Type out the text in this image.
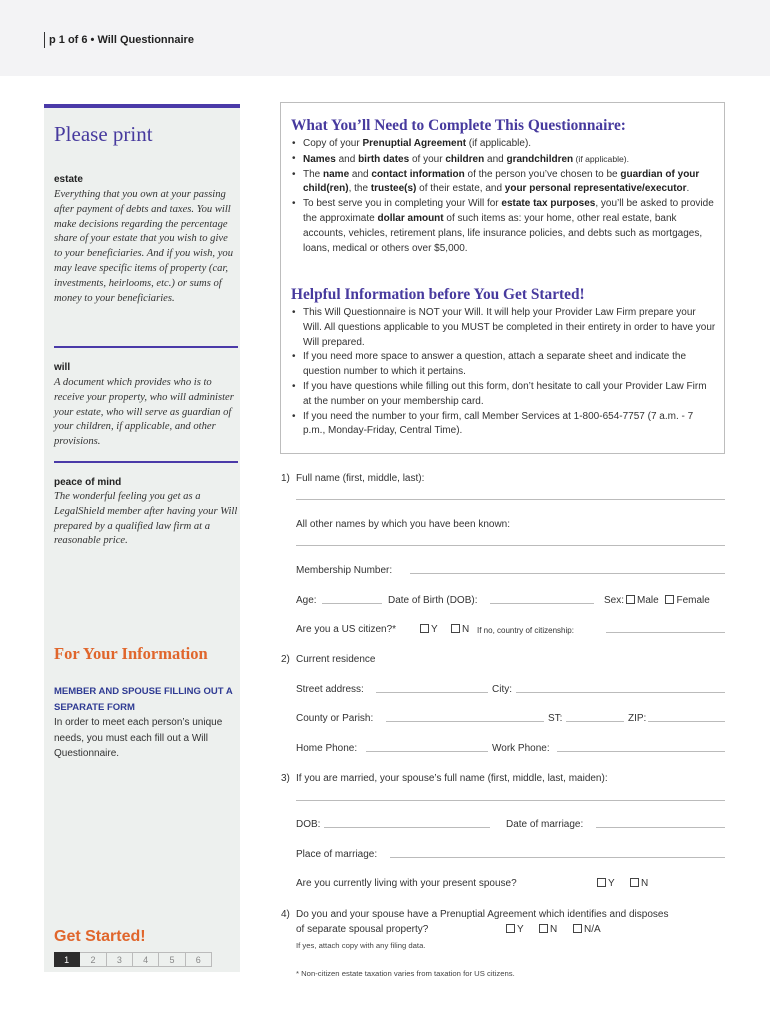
p 1 of 6 • Will Questionnaire
Please print
estate
Everything that you own at your passing after payment of debts and taxes. You will make decisions regarding the percentage share of your estate that you wish to give to your beneficiaries. And if you wish, you may leave specific items of property (car, investments, heirlooms, etc.) or sums of money to your beneficiaries.
will
A document which provides who is to receive your property, who will administer your estate, who will serve as guardian of your children, if applicable, and other provisions.
peace of mind
The wonderful feeling you get as a LegalShield member after having your Will prepared by a qualified law firm at a reasonable price.
For Your Information
MEMBER AND SPOUSE FILLING OUT A SEPARATE FORM
In order to meet each person’s unique needs, you must each fill out a Will Questionnaire.
Get Started!
1	2	3	4	5	6
What You’ll Need to Complete This Questionnaire:
• Copy of your Prenuptial Agreement (if applicable).
• Names and birth dates of your children and grandchildren (if applicable).
• The name and contact information of the person you’ve chosen to be guardian of your child(ren), the trustee(s) of their estate, and your personal representative/executor.
• To best serve you in completing your Will for estate tax purposes, you’ll be asked to provide the approximate dollar amount of such items as: your home, other real estate, bank accounts, vehicles, retirement plans, life insurance policies, and debts such as mortgages, loans, medical or others over $5,000.
Helpful Information before You Get Started!
• This Will Questionnaire is NOT your Will. It will help your Provider Law Firm prepare your Will. All questions applicable to you MUST be completed in their entirety in order to have your Will prepared.
• If you need more space to answer a question, attach a separate sheet and indicate the question number to which it pertains.
• If you have questions while filling out this form, don’t hesitate to call your Provider Law Firm at the number on your membership card.
• If you need the number to your firm, call Member Services at 1-800-654-7757 (7 a.m. - 7 p.m., Monday-Friday, Central Time).
1) Full name (first, middle, last):
All other names by which you have been known:
Membership Number:
Age:	Date of Birth (DOB):	Sex: Male Female
Are you a US citizen?*	Y	N If no, country of citizenship:
2) Current residence
Street address:	City:
County or Parish:	ST:	ZIP:
Home Phone:	Work Phone:
3) If you are married, your spouse’s full name (first, middle, last, maiden):
DOB:	Date of marriage:
Place of marriage:
Are you currently living with your present spouse?	Y	N
4) Do you and your spouse have a Prenuptial Agreement which identifies and disposes
of separate spousal property?	Y	N	N/A
If yes, attach copy with any filing data.
* Non-citizen estate taxation varies from taxation for US citizens.
